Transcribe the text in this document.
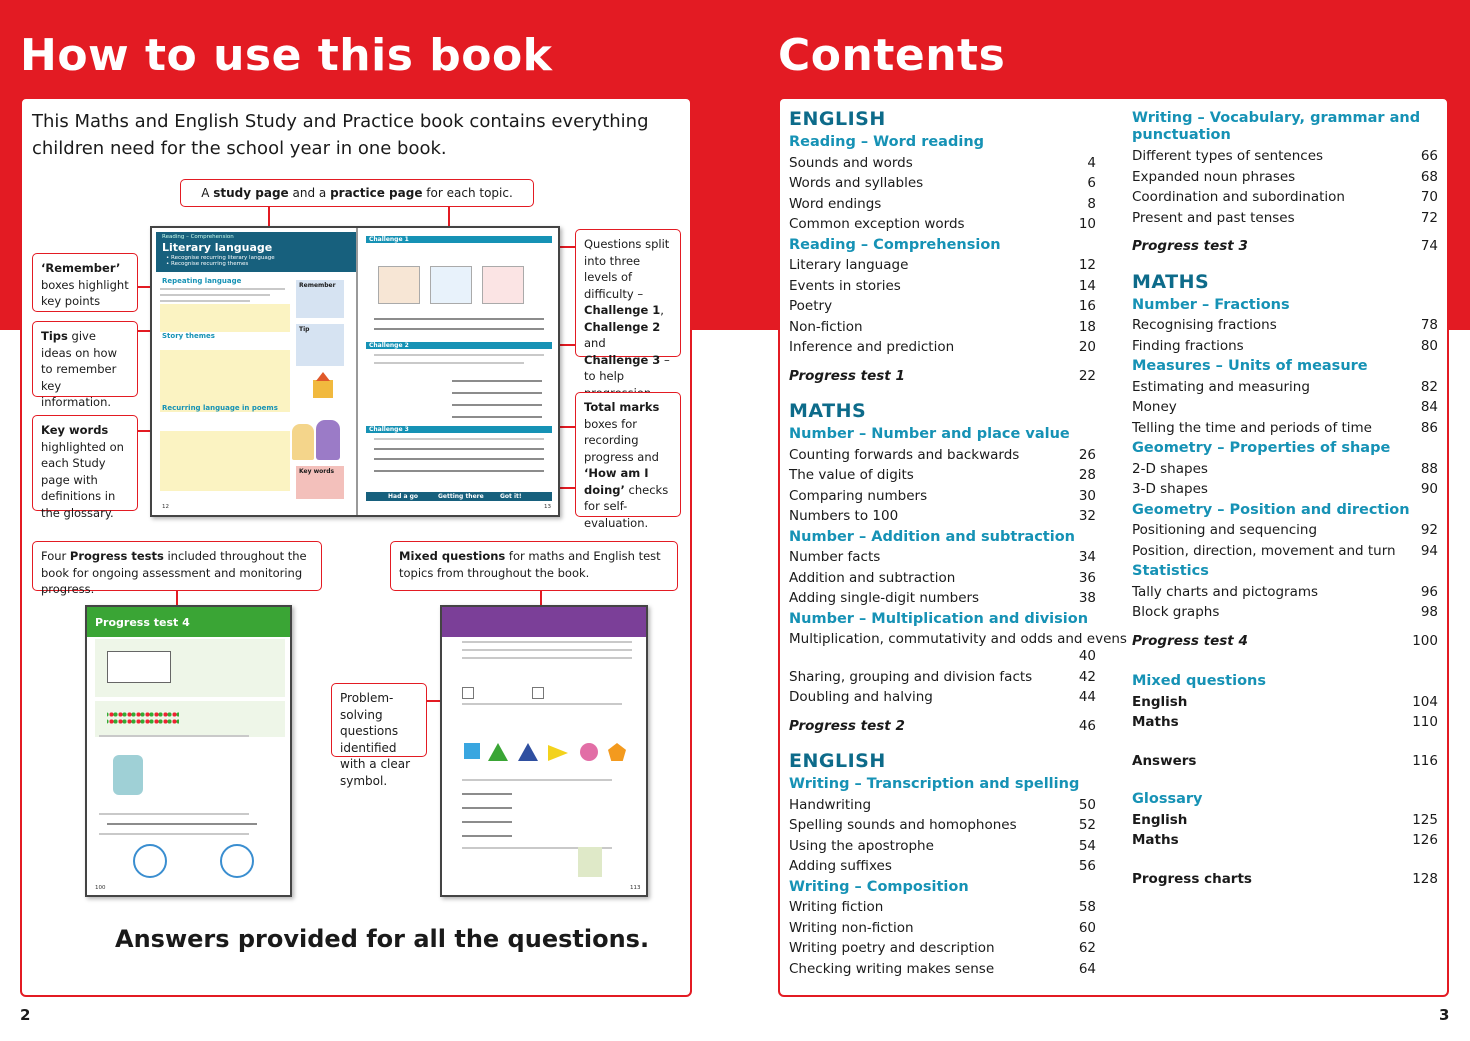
How to use this book	Contents
This Maths and English Study and Practice book contains everything children need for the school year in one book.
A study page and a practice page for each topic.
‘Remember’ boxes highlight key points
Tips give ideas on how to remember key information.
Key words highlighted on each Study page with definitions in the glossary.
Questions split into three levels of difficulty – Challenge 1, Challenge 2 and Challenge 3 – to help
Total marks boxes for recording progress and ‘How am I doing’ checks for self-evaluation.
Reading – Comprehension
Literary language
• Recognise recurring literary language
• Recognise recurring themes
Repeating language
Story themes
Recurring language in poems
Remember
Tip
Key words
12
Challenge 1
Challenge 2
Challenge 3
Had a go	Getting there	Got it!
13
Four Progress tests included throughout the book for ongoing assessment and monitoring progress.
Mixed questions for maths and English test topics from throughout the book.
Progress test 4
100
Problem-solving questions identified with a clear symbol.
113
Answers provided for all the questions.
2
ENGLISH
Reading – Word reading
Sounds and words	4
Words and syllables	6
Word endings	8
Common exception words	10
Reading – Comprehension
Literary language	12
Events in stories	14
Poetry	16
Non-fiction	18
Inference and prediction	20
Progress test 1	22
MATHS
Number – Number and place value
Counting forwards and backwards	26
The value of digits	28
Comparing numbers	30
Numbers to 100	32
Number – Addition and subtraction
Number facts	34
Addition and subtraction	36
Adding single-digit numbers	38
Number – Multiplication and division
Multiplication, commutativity and odds and evens
40
Sharing, grouping and division facts	42
Doubling and halving	44
Progress test 2	46
ENGLISH
Writing – Transcription and spelling
Handwriting	50
Spelling sounds and homophones	52
Using the apostrophe	54
Adding suffixes	56
Writing – Composition
Writing fiction	58
Writing non-fiction	60
Writing poetry and description	62
Checking writing makes sense	64
Writing – Vocabulary, grammar and
punctuation
Different types of sentences	66
Expanded noun phrases	68
Coordination and subordination	70
Present and past tenses	72
Progress test 3	74
MATHS
Number – Fractions
Recognising fractions	78
Finding fractions	80
Measures – Units of measure
Estimating and measuring	82
Money	84
Telling the time and periods of time	86
Geometry – Properties of shape
2-D shapes	88
3-D shapes	90
Geometry – Position and direction
Positioning and sequencing	92
Position, direction, movement and turn	94
Statistics
Tally charts and pictograms	96
Block graphs	98
Progress test 4	100
Mixed questions
English	104
Maths	110
Answers	116
Glossary
English	125
Maths	126
Progress charts	128
3
